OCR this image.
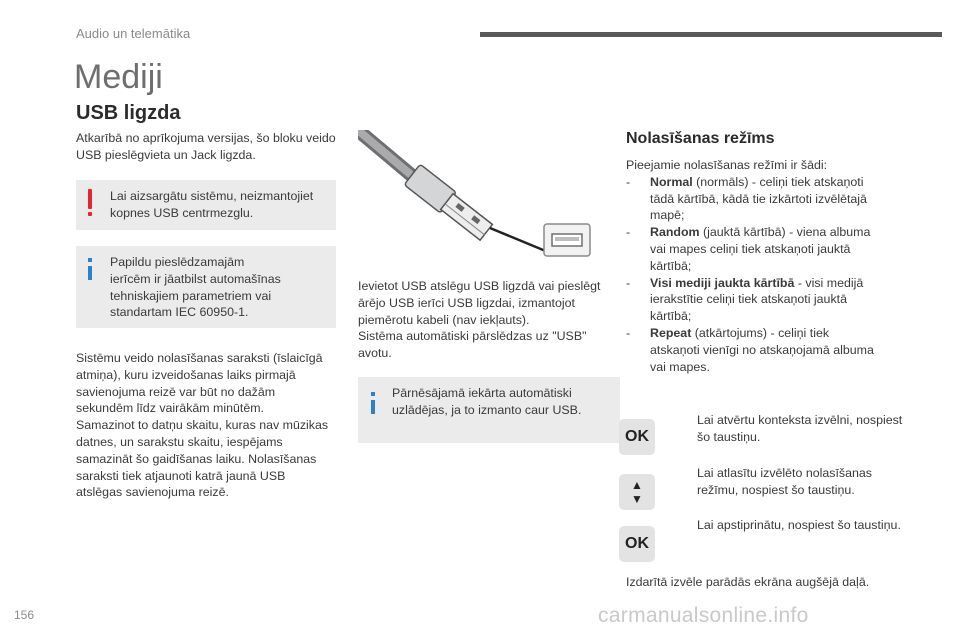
Audio un telemātika
Mediji
USB ligzda
Atkarībā no aprīkojuma versijas, šo bloku veido
USB pieslēgvieta un Jack ligzda.
Lai aizsargātu sistēmu, neizmantojiet
kopnes USB centrmezglu.
Papildu pieslēdzamajām
ierīcēm ir jāatbilst automašīnas
tehniskajiem parametriem vai
standartam IEC 60950-1.
Sistēmu veido nolasīšanas saraksti (īslaicīgā
atmiņa), kuru izveidošanas laiks pirmajā
savienojuma reizē var būt no dažām
sekundēm līdz vairākām minūtēm.
Samazinot to datņu skaitu, kuras nav mūzikas
datnes, un sarakstu skaitu, iespējams
samazināt šo gaidīšanas laiku. Nolasīšanas
saraksti tiek atjaunoti katrā jaunā USB
atslēgas savienojuma reizē.
Ievietot USB atslēgu USB ligzdā vai pieslēgt
ārējo USB ierīci USB ligzdai, izmantojot
piemērotu kabeli (nav iekļauts).
Sistēma automātiski pārslēdzas uz "USB"
avotu.
Pārnēsājamā iekārta automātiski
uzlādējas, ja to izmanto caur USB.
Nolasīšanas režīms
Pieejamie nolasīšanas režīmi ir šādi:
- Normal (normāls) - celiņi tiek atskaņoti
tādā kārtībā, kādā tie izkārtoti izvēlētajā
mapē;
- Random (jauktā kārtībā) - viena albuma
vai mapes celiņi tiek atskaņoti jauktā
kārtībā;
- Visi mediji jaukta kārtībā - visi medijā
ierakstītie celiņi tiek atskaņoti jauktā
kārtībā;
- Repeat (atkārtojums) - celiņi tiek
atskaņoti vienīgi no atskaņojamā albuma
vai mapes.
OK
Lai atvērtu konteksta izvēlni, nospiest
šo taustiņu.
▲
▼
Lai atlasītu izvēlēto nolasīšanas
režīmu, nospiest šo taustiņu.
OK
Lai apstiprinātu, nospiest šo taustiņu.
Izdarītā izvēle parādās ekrāna augšējā daļā.
156	carmanualsonline.info
